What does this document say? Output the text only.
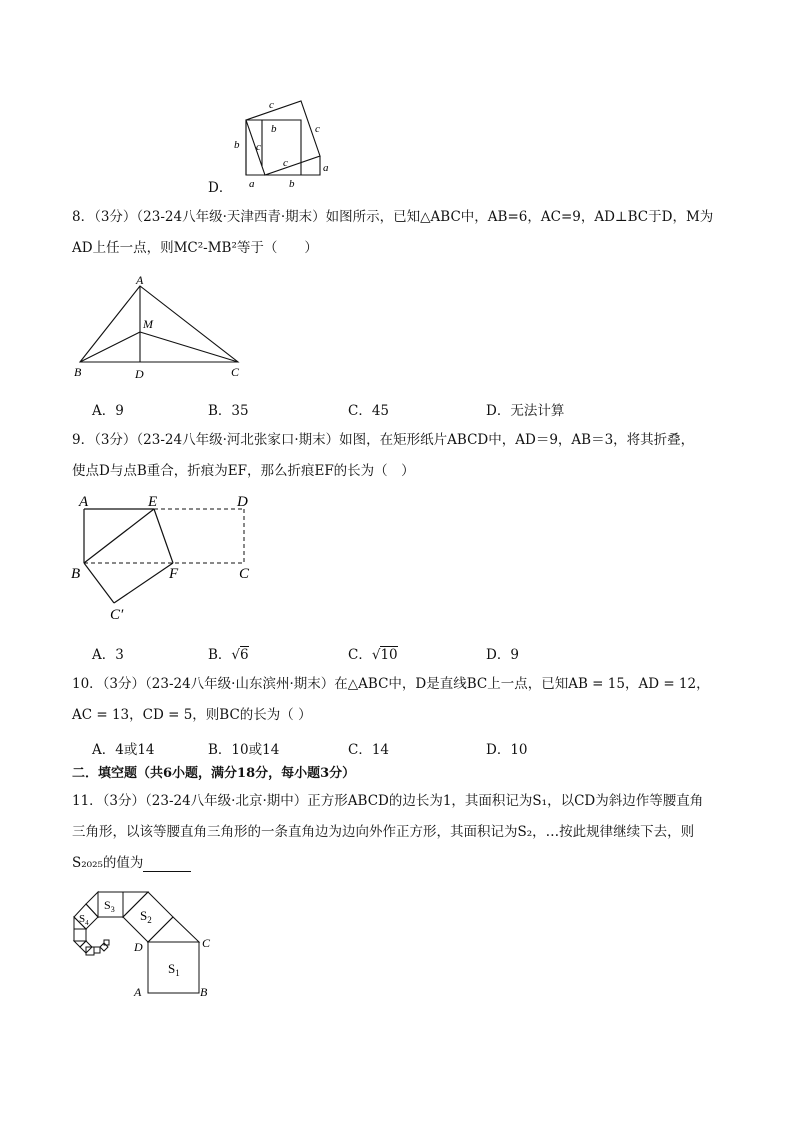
D．
c
b	c
b c
c	a
a	b
8．（3分）（23-24八年级·天津西青·期末）如图所示，已知△ABC中，AB=6，AC=9，AD⊥BC于D，M为
AD上任一点，则MC²-MB²等于（　　）
A
M
B	D	C
A．9	B．35	C．45	D．无法计算
9．（3分）（23-24八年级·河北张家口·期末）如图，在矩形纸片ABCD中，AD＝9，AB＝3，将其折叠，
使点D与点B重合，折痕为EF，那么折痕EF的长为（　）
A	E	D
B	F	C
C′
A．3	B．√6	C．√10	D．9
10．（3分）（23-24八年级·山东滨州·期末）在△ABC中，D是直线BC上一点，已知AB = 15，AD = 12，
AC = 13，CD = 5，则BC的长为（ ）
A．4或14	B．10或14	C．14	D．10
二．填空题（共6小题，满分18分，每小题3分）
11．（3分）（23-24八年级·北京·期中）正方形ABCD的边长为1，其面积记为S₁，以CD为斜边作等腰直角
三角形，以该等腰直角三角形的一条直角边为边向外作正方形，其面积记为S₂，…按此规律继续下去，则
S₂₀₂₅的值为
$S_1$
$S_2$
$S_3$
$S_4$
D	C
A	B
